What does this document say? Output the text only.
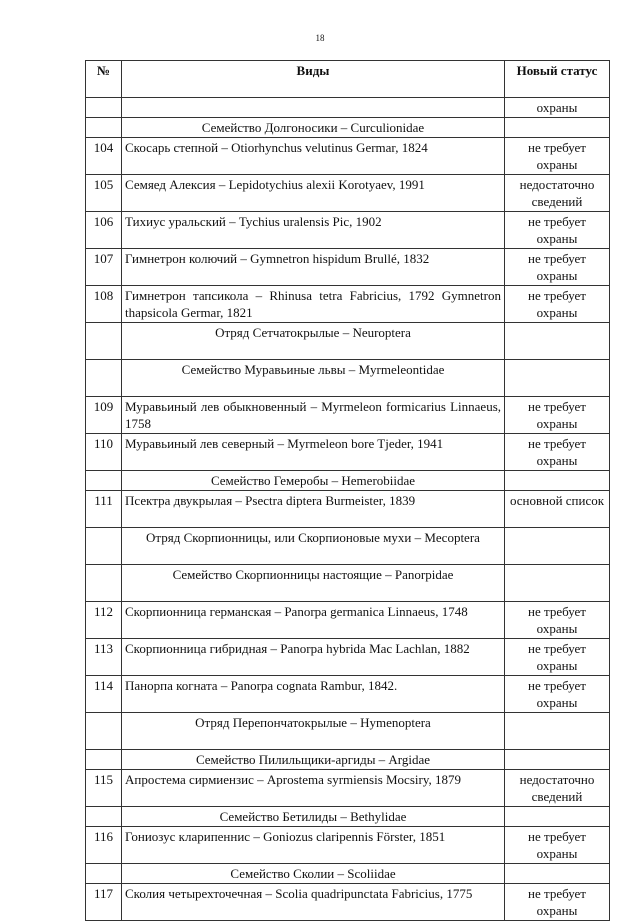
18
№	Виды	Новый статус
		охраны
	Семейство Долгоносики – Curculionidae	
104	Скосарь степной – Otiorhynchus velutinus Germar, 1824	не требует охраны
105	Семяед Алексия – Lepidotychius alexii Korotyaev, 1991	недостаточно сведений
106	Тихиус уральский – Tychius uralensis Pic, 1902	не требует охраны
107	Гимнетрон колючий – Gymnetron hispidum Brullé, 1832	не требует охраны
108	Гимнетрон тапсикола – Rhinusa tetra Fabricius, 1792 Gymnetron thapsicola Germar, 1821	не требует охраны
	Отряд Сетчатокрылые – Neuroptera	
	Семейство Муравьиные львы – Myrmeleontidae	
109	Муравьиный лев обыкновенный – Myrmeleon formicarius Linnaeus, 1758	не требует охраны
110	Муравьиный лев северный – Myrmeleon bore Tjeder, 1941	не требует охраны
	Семейство Гемеробы – Hemerobiidae	
111	Псектра двукрылая – Psectra diptera Burmeister, 1839	основной список
	Отряд Скорпионницы, или Скорпионовые мухи – Mecoptera	
	Семейство Скорпионницы настоящие – Panorpidae	
112	Скорпионница германская – Panorpa germanica Linnaeus, 1748	не требует охраны
113	Скорпионница гибридная – Panorpa hybrida Mac Lachlan, 1882	не требует охраны
114	Панорпа когната – Panorpa cognata Rambur, 1842.	не требует охраны
	Отряд Перепончатокрылые – Hymenoptera	
	Семейство Пилильщики-аргиды – Argidae	
115	Апростема сирмиензис – Aprostema syrmiensis Mocsiry, 1879	недостаточно сведений
	Семейство Бетилиды – Bethylidae	
116	Гониозус кларипеннис – Goniozus claripennis Förster, 1851	не требует охраны
	Семейство Сколии – Scoliidae	
117	Сколия четырехточечная – Scolia quadripunctata Fabricius, 1775	не требует охраны
